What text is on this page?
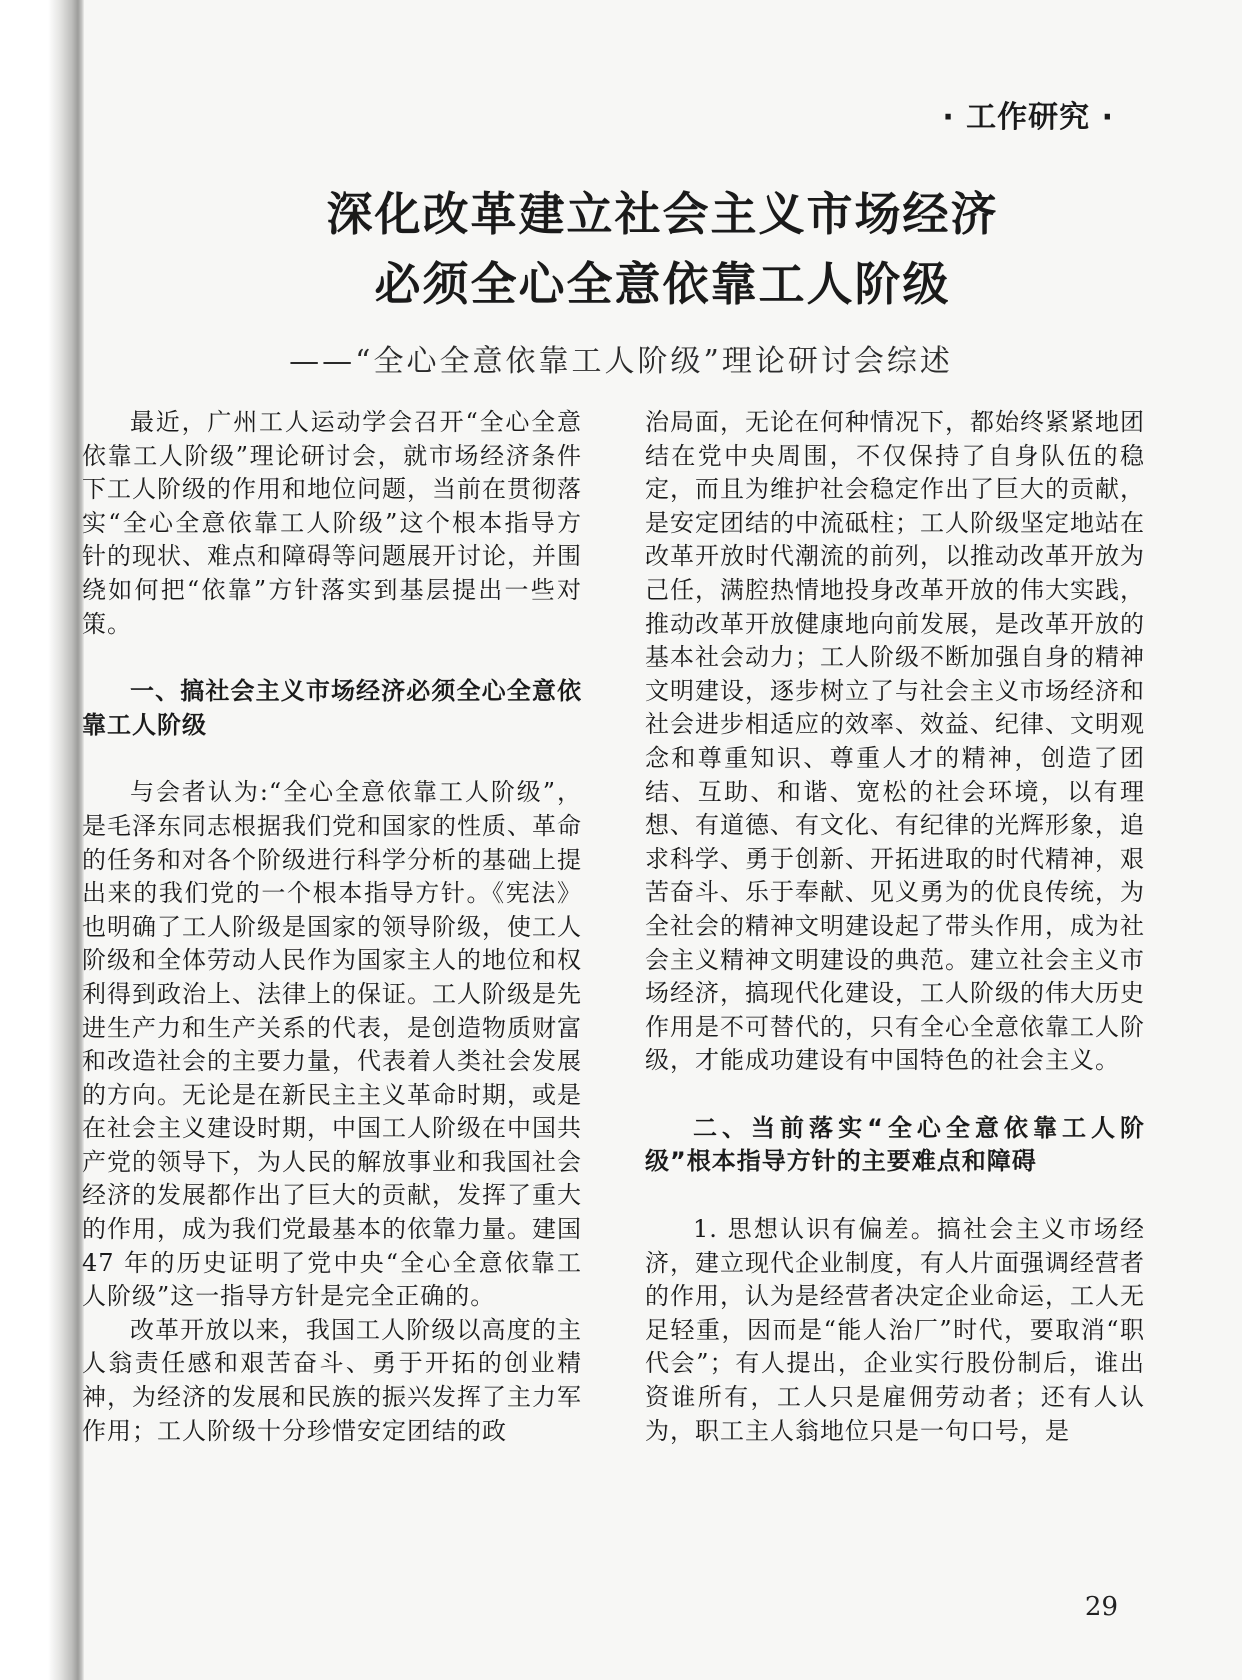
· 工作研究 ·
深化改革建立社会主义市场经济
必须全心全意依靠工人阶级
——“全心全意依靠工人阶级”理论研讨会综述

最近，广州工人运动学会召开“全心全意依靠工人阶级”理论研讨会，就市场经济条件下工人阶级的作用和地位问题，当前在贯彻落实“全心全意依靠工人阶级”这个根本指导方针的现状、难点和障碍等问题展开讨论，并围绕如何把“依靠”方针落实到基层提出一些对策。

一、搞社会主义市场经济必须全心全意依靠工人阶级

与会者认为:“全心全意依靠工人阶级”，是毛泽东同志根据我们党和国家的性质、革命的任务和对各个阶级进行科学分析的基础上提出来的我们党的一个根本指导方针。《宪法》也明确了工人阶级是国家的领导阶级，使工人阶级和全体劳动人民作为国家主人的地位和权利得到政治上、法律上的保证。工人阶级是先进生产力和生产关系的代表，是创造物质财富和改造社会的主要力量，代表着人类社会发展的方向。无论是在新民主主义革命时期，或是在社会主义建设时期，中国工人阶级在中国共产党的领导下，为人民的解放事业和我国社会经济的发展都作出了巨大的贡献，发挥了重大的作用，成为我们党最基本的依靠力量。建国 47 年的历史证明了党中央“全心全意依靠工人阶级”这一指导方针是完全正确的。

改革开放以来，我国工人阶级以高度的主人翁责任感和艰苦奋斗、勇于开拓的创业精神，为经济的发展和民族的振兴发挥了主力军作用；工人阶级十分珍惜安定团结的政

治局面，无论在何种情况下，都始终紧紧地团结在党中央周围，不仅保持了自身队伍的稳定，而且为维护社会稳定作出了巨大的贡献，是安定团结的中流砥柱；工人阶级坚定地站在改革开放时代潮流的前列，以推动改革开放为己任，满腔热情地投身改革开放的伟大实践，推动改革开放健康地向前发展，是改革开放的基本社会动力；工人阶级不断加强自身的精神文明建设，逐步树立了与社会主义市场经济和社会进步相适应的效率、效益、纪律、文明观念和尊重知识、尊重人才的精神，创造了团结、互助、和谐、宽松的社会环境，以有理想、有道德、有文化、有纪律的光辉形象，追求科学、勇于创新、开拓进取的时代精神，艰苦奋斗、乐于奉献、见义勇为的优良传统，为全社会的精神文明建设起了带头作用，成为社会主义精神文明建设的典范。建立社会主义市场经济，搞现代化建设，工人阶级的伟大历史作用是不可替代的，只有全心全意依靠工人阶级，才能成功建设有中国特色的社会主义。

二、当前落实“全心全意依靠工人阶级”根本指导方针的主要难点和障碍

1. 思想认识有偏差。搞社会主义市场经济，建立现代企业制度，有人片面强调经营者的作用，认为是经营者决定企业命运，工人无足轻重，因而是“能人治厂”时代，要取消“职代会”；有人提出，企业实行股份制后，谁出资谁所有，工人只是雇佣劳动者；还有人认为，职工主人翁地位只是一句口号，是

29
